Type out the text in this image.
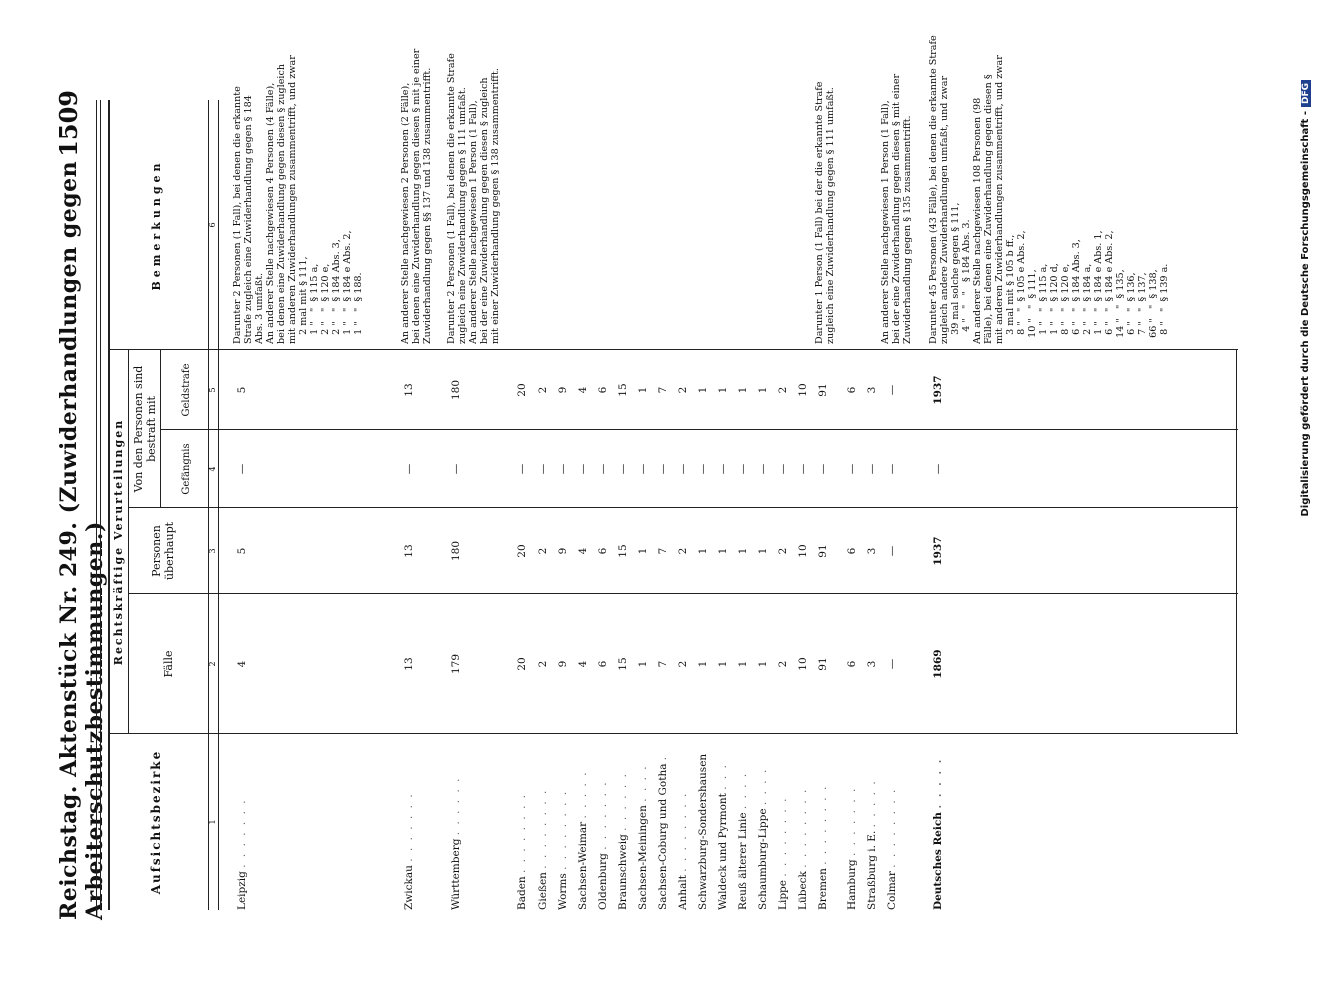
Reichstag. Aktenstück Nr. 249. (Zuwiderhandlungen gegen Arbeiterschutzbestimmungen.)
1509
Aufsichtsbezirke
Rechtskräftige Verurteilungen	Fälle
Personen überhaupt
Von den Personen sind bestraft mit
Gefängnis
Geldstrafe
Bemerkungen
1
2
3
4
5
6
Leipzig . . . . . . .
4
5
—
5
Zwickau . . . . . . .
13
13
—
13
Württemberg . . . . . .
179
180
—
180
Baden . . . . . . . .
20
20
—
20
Gießen . . . . . . . .
2
2
—
2
Worms . . . . . . . .
9
9
—
9
Sachsen-Weimar . . . . .
4
4
—
4
Oldenburg . . . . . . .
6
6
—
6
Braunschweig . . . . . .
15
15
—
15
Sachsen-Meiningen . . . .
1
1
—
1
Sachsen-Coburg und Gotha .
7
7
—
7
Anhalt . . . . . . . .
2
2
—
2
Schwarzburg-Sondershausen
1
1
—
1
Waldeck und Pyrmont . . .
1
1
—
1
Reuß älterer Linie . . . .
1
1
—
1
Schaumburg-Lippe . . . .
1
1
—
1
Lippe . . . . . . . .
2
2
—
2
Lübeck . . . . . . . .
10
10
—
10
Bremen . . . . . . . .
91
91
—
91
Hamburg . . . . . . .
6
6
—
6
Straßburg i. E. . . . . .
3
3
—
3
Colmar . . . . . . . .
—
—
—
—
Deutsches Reich . . . . .
1869
1937
—
1937
Darunter 2 Personen (1 Fall), bei denen die erkannte
Strafe zugleich eine Zuwiderhandlung gegen § 184
Abs. 3 umfaßt.
An anderer Stelle nachgewiesen 4 Personen (4 Fälle),
bei denen eine Zuwiderhandlung gegen diesen § zugleich
mit anderen Zuwiderhandlungen zusammentrifft, und zwar
2 mal mit § 111,
1 "   "  § 115 a,
2 "   "  § 120 e,
2 "   "  § 184 Abs. 3,
1 "   "  § 184 e Abs. 2,
1 "   "  § 188.
An anderer Stelle nachgewiesen 2 Personen (2 Fälle),
bei denen eine Zuwiderhandlung gegen diesen § mit je einer
Zuwiderhandlung gegen §§ 137 und 138 zusammentrifft.
Darunter 2 Personen (1 Fall), bei denen die erkannte Strafe
zugleich eine Zuwiderhandlung gegen § 111 umfaßt.
An anderer Stelle nachgewiesen 1 Person (1 Fall),
bei der eine Zuwiderhandlung gegen diesen § zugleich
mit einer Zuwiderhandlung gegen § 138 zusammentrifft.
Darunter 1 Person (1 Fall) bei der die erkannte Strafe
zugleich eine Zuwiderhandlung gegen § 111 umfaßt.
An anderer Stelle nachgewiesen 1 Person (1 Fall),
bei der eine Zuwiderhandlung gegen diesen § mit einer
Zuwiderhandlung gegen § 135 zusammentrifft.
Darunter 45 Personen (43 Fälle), bei denen die erkannte Strafe
zugleich andere Zuwiderhandlungen umfaßt, und zwar
39 mal solche gegen § 111,
4 "   "   "   § 184 Abs. 3.
An anderer Stelle nachgewiesen 108 Personen (98
Fälle), bei denen eine Zuwiderhandlung gegen diesen §
mit anderen Zuwiderhandlungen zusammentrifft, und zwar
3 mal mit § 105 b ff.,
8 "   "  § 105 e Abs. 2,
10 "   "  § 111,
1 "   "  § 115 a,
1 "   "  § 120 d,
8 "   "  § 120 e,
6 "   "  § 184 Abs. 3,
2 "   "  § 184 a,
1 "   "  § 184 e Abs. 1,
6 "   "  § 184 e Abs. 2,
14 "   "  § 135,
6 "   "  § 136,
7 "   "  § 137,
66 "   "  § 138,
8 "   "  § 139 a.	Digitalisierung gefördert durch die Deutsche Forschungsgemeinschaft -DFG
